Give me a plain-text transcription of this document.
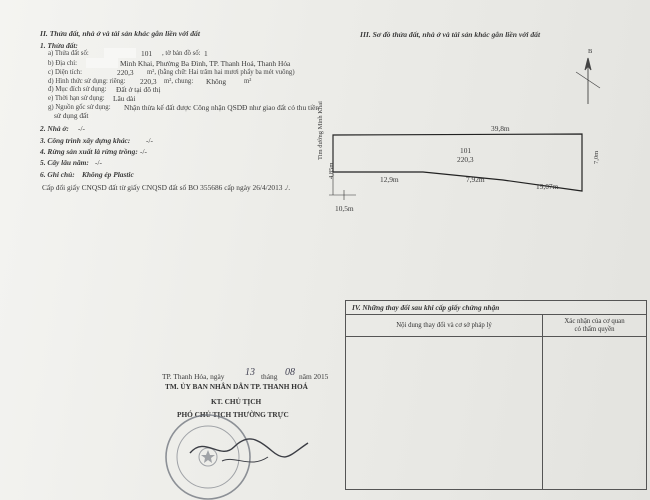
II. Thửa đất, nhà ở và tài sản khác gắn liền với đất
1. Thửa đất:
a) Thửa đất số:	101 , tờ bản đồ số: 1
b) Địa chỉ:	Minh Khai, Phường Ba Đình, TP. Thanh Hoá, Thanh Hóa
c) Diện tích:	220,3 m², (bằng chữ: Hai trăm hai mươi phẩy ba mét vuông)
d) Hình thức sử dụng: riêng: 220,3 m², chung: Không	m²
đ) Mục đích sử dụng: Đất ở tại đô thị
e) Thời hạn sử dụng: Lâu dài
g) Nguồn gốc sử dụng: Nhận thừa kế đất được Công nhận QSDĐ như giao đất có thu tiền
sử dụng đất
2. Nhà ở: -/-
3. Công trình xây dựng khác: -/-
4. Rừng sản xuất là rừng trồng: -/-
5. Cây lâu năm: -/-
6. Ghi chú: Không ép Plastic
Cấp đổi giấy CNQSD đất từ giấy CNQSD đất số BO 355686 cấp ngày 26/4/2013 ./.
III. Sơ đồ thửa đất, nhà ở và tài sản khác gắn liền với đất
Tim đường Minh Khai
4,85m
7,0m
B
39,8m
101
220,3
12,9m	7,92m
19,07m
10,5m
TP. Thanh Hóa, ngày 13 tháng 08 năm 2015
TM. ỦY BAN NHÂN DÂN TP. THANH HOÁ
KT. CHỦ TỊCH
PHÓ CHỦ TỊCH THƯỜNG TRỰC
IV. Những thay đổi sau khi cấp giấy chứng nhận	
Nội dung thay đổi và cơ sở pháp lý	Xác nhận của cơ quan
có thẩm quyền
